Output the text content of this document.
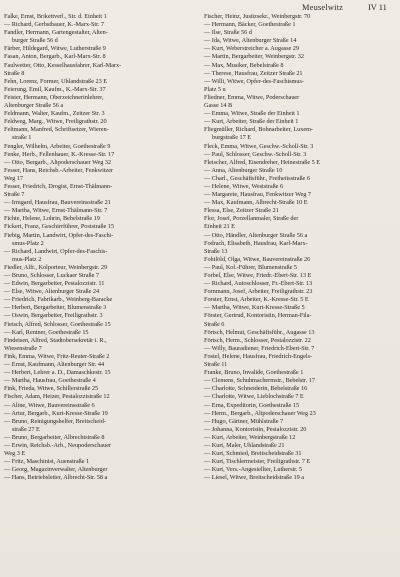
Meuselwitz	IV 11
Falke, Ernst, Brikettverl., Str. d. Einheit 1
— Richard, Gerbstbauer, K.-Marx-Str. 7
Fandler, Hermann, Gartengestalter, Alten-
burger Straße 56 d
Färber, Hildegard, Witwe, Lutherstraße 9
Fasan, Anton, Bergarb., Karl-Marx-Str. 8
Faulwetter, Otto, Kesselhausfahrer, Karl-Marx-
Straße 8
Fehn, Lorenz, Former, Uhlandstraße 23 E
Feierung, Emil, Kaufm., K.-Marx-Str. 37
Feister, Hermann, Oberzeichnerinlehrer,
Altenburger Straße 56 a
Feldmann, Walter, Kaufm., Zeitzer Str. 3
Feldweg, Marg., Witwe, Freiligrathstr. 20
Feltmann, Manfred, Schriftsetzer, Wieren-
straße 1
Fengler, Wilhelm, Arbeiter, Goethestraße 9
Fenke, Herb., Fellenhauer, K.-Kresse-Str. 17
— Otto, Bergarb., Altpoderschauer Weg 32
Fesser, Hans, Reichsb.-Arbeiter, Fenkwitzer
Weg 17
Fesser, Friedrich, Drogist, Ernst-Thälmann-
Straße 7
— Irmgard, Hausfrau, Bauvereinsstraße 21
— Martha, Witwe, Ernst-Thälmann-Str. 7
Fichte, Helene, Lohrin, Bebelstraße 19
Fickert, Franz, Geschirrführer, Poststraße 15
Fiebig, Martin, Landwirt, Opfer-des-Faschi-
smus-Platz 2
— Richard, Landwirt, Opfer-des-Faschis-
mus-Platz 2
Fiedler, Alfr., Kolporteur, Weinbergstr. 29
— Bruno, Schlosser, Luckaer Straße 7
— Edwin, Bergarbeiter, Pestalozzistr. 11
— Else, Witwe, Altenburger Straße 24
— Friedrich, Fabrikarb., Weinberg-Baracke
— Herbert, Bergarbeiter, Blumenstraße 3
— Oswin, Bergarbeiter, Freiligrathstr. 3
Fietsch, Alfred, Schlosser, Goethestraße 15
— Karl, Rentner, Goethestraße 15
Findeisen, Alfred, Stadtobersekretär i. R.,
Wiesenstraße 7
Fink, Emma, Witwe, Fritz-Reuter-Straße 2
— Ernst, Kaufmann, Altenburger Str. 44
— Herbert, Lehrer a. D., Damaschkestr. 15
— Martha, Hausfrau, Goethestraße 4
Fink, Frieda, Witwe, Schillerstraße 25
Fischer, Adam, Heizer, Pestalozzistraße 12
— Aline, Witwe, Bauvereinsstraße 6
— Artur, Bergarb., Kurt-Kresse-Straße 19
— Bruno, Reinigungshelfer, Breitscheid-
straße 27 E
— Bruno, Bergarbeiter, Albrechtstraße 8
— Erwin, Reichsb.-Arb., Neupoderschauer
Weg 3 E
— Fritz, Maschinist, Auenstraße 1
— Georg, Magazinverwalter, Altenburger
— Hans, Betriebsleiter, Albrecht-Str. 58 a
Fischer, Heinz, Justizsekr., Weinbergstr. 70
— Hermann, Bäcker, Goethestraße 1
— Ilse, Straße 56 d
— Ida, Witwe, Altenburger Straße 14
— Kurt, Weberstreicher a. Augasse 29
— Martin, Bergarbeiter, Weinbergstr. 32
— Max, Musiker, Bebelstraße 8
— Therese, Hausfrau, Zeitzer Straße 21
— Willi, Witwe, Opfer-des-Faschismus-
Platz 5 u
Fliedner, Emma, Witwe, Poderschauer
Gasse 14 B
— Emma, Witwe, Straße der Einheit 1
— Kurt, Arbeiter, Straße der Einheit 1
Fliegmüller, Richard, Bohnarbeiter, Luxem-
burgstraße 17 E
Fleck, Emma, Witwe, Geschw.-Scholl-Str. 3
— Paul, Schlosser, Geschw.-Scholl-Str. 3
Fleischer, Alfred, Eisendreher, Heinestraße 5 E
— Anna, Altenburger Straße 10
— Charl., Geschäftsführ., Freiheitsstraße 6
— Helene, Witwe, Weststraße 6
— Margarete, Hausfrau, Fenkwitzer Weg 7
— Max, Kaufmann, Albrecht-Straße 10 E
Flessa, Else, Zeitzer Straße 21
Flor, Josef, Porzellanmaler, Straße der
Einheit 21 E
— Otto, Händler, Altenburger Straße 56 a
Fodrach, Elisabeth, Hausfrau, Karl-Marx-
Straße 13
Fohtlöld, Olga, Witwe, Bauvereinstraße 26
— Paul, Kol.-Führer, Blumenstraße 5
Forbel, Else, Witwe, Friedr.-Ebert-Str. 13 E
— Richard, Autoschlosser, Fr.-Ebert-Str. 13
Fornmann, Josef, Arbeiter, Freiligrathstr. 23
Forster, Ernst, Arbeiter, K.-Kresse-Str. 5 E
— Martha, Witwe, Kurt-Kresse-Straße 5
Förster, Gertrud, Kontoristin, Herman-Fila-
Straße 6
Förtsch, Helmut, Geschäftsführ., Augasse 13
Förtsch, Herm., Schlosser, Pestalozzistr. 22
— Willy, Bauradiener, Friedrich-Ebert-Str. 7
Fostel, Helene, Hausfrau, Friedrich-Engels-
Straße 11
Franke, Bruno, Invalide, Goethestraße 1
— Clemens, Schuhmachermstr., Bebelstr. 17
— Charlotte, Schneiderin, Bebelstraße 16
— Charlotte, Witwe, Lieblochstraße 7 E
— Erna, Expeditorin, Goethestraße 15
— Herm., Bergarb., Altpoderschauer Weg 23
— Hugo, Gärtner, Mühlstraße 7
— Johanna, Kontoristin, Pestalozzistr. 20
— Kurt, Arbeiter, Weinbergstraße 12
— Kurt, Maler, Uhlandstraße 21
— Kurt, Schmied, Breitscheidstraße 31
— Kurt, Tischlermeister, Freiligrathstr. 7 E
— Kurt, Vers.-Angestellter, Lutherstr. 5
— Liesel, Witwe, Breitscheidstraße 19 a
